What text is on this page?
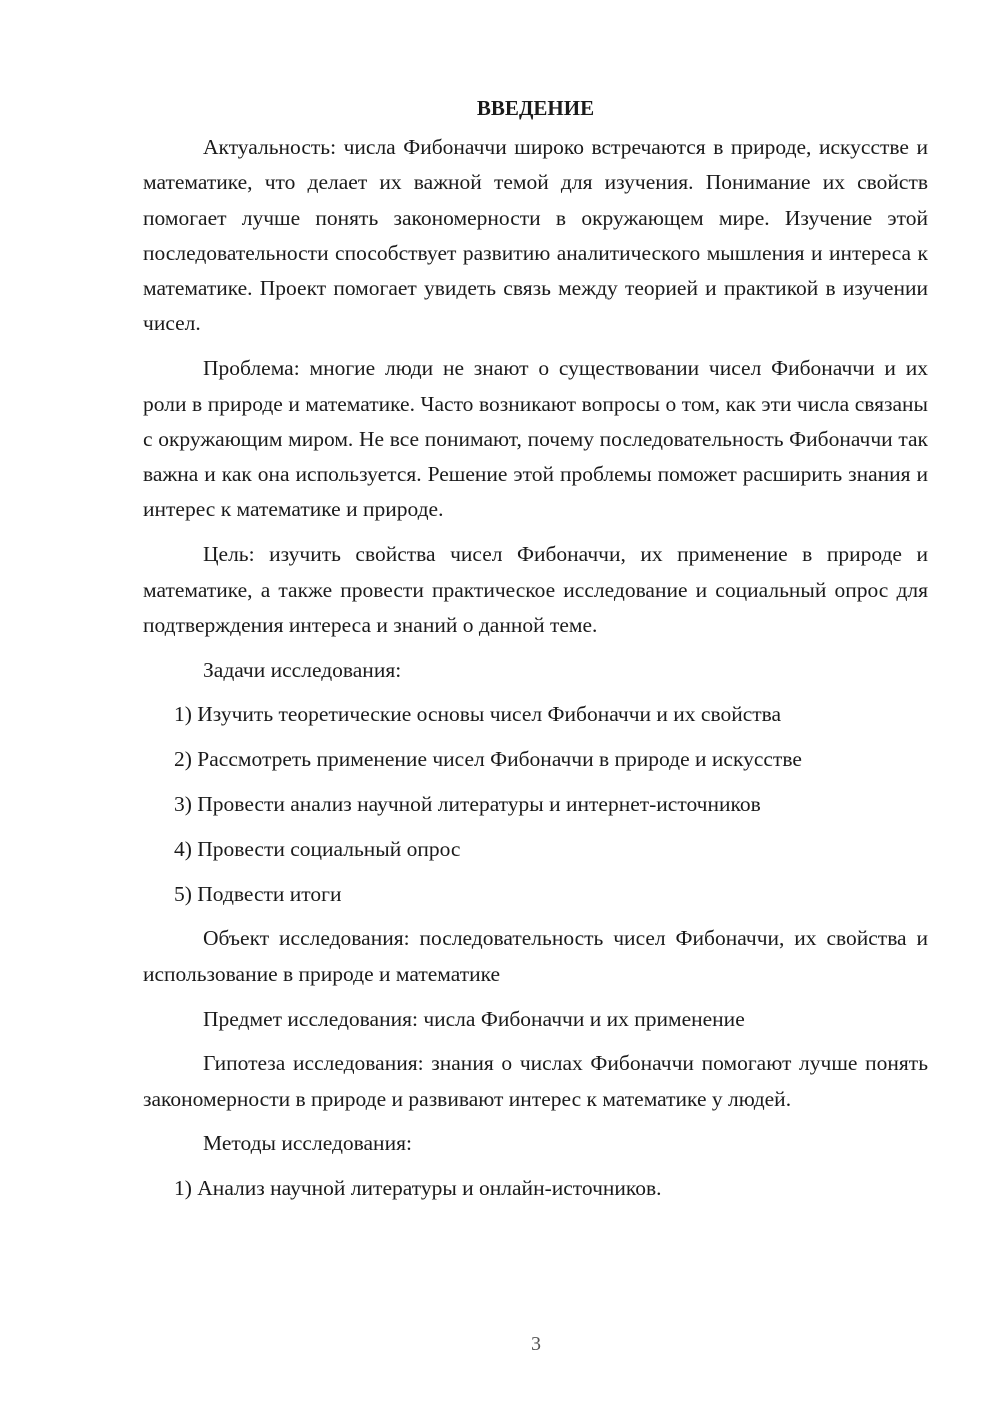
ВВЕДЕНИЕ

Актуальность: числа Фибоначчи широко встречаются в природе, искусстве и математике, что делает их важной темой для изучения. Понимание их свойств помогает лучше понять закономерности в окружающем мире. Изучение этой последовательности способствует развитию аналитического мышления и интереса к математике. Проект помогает увидеть связь между теорией и практикой в изучении чисел.

Проблема: многие люди не знают о существовании чисел Фибоначчи и их роли в природе и математике. Часто возникают вопросы о том, как эти числа связаны с окружающим миром. Не все понимают, почему последовательность Фибоначчи так важна и как она используется. Решение этой проблемы поможет расширить знания и интерес к математике и природе.

Цель: изучить свойства чисел Фибоначчи, их применение в природе и математике, а также провести практическое исследование и социальный опрос для подтверждения интереса и знаний о данной теме.

Задачи исследования:

1) Изучить теоретические основы чисел Фибоначчи и их свойства
2) Рассмотреть применение чисел Фибоначчи в природе и искусстве
3) Провести анализ научной литературы и интернет-источников
4) Провести социальный опрос
5) Подвести итоги

Объект исследования: последовательность чисел Фибоначчи, их свойства и использование в природе и математике

Предмет исследования: числа Фибоначчи и их применение

Гипотеза исследования: знания о числах Фибоначчи помогают лучше понять закономерности в природе и развивают интерес к математике у людей.

Методы исследования:

1) Анализ научной литературы и онлайн-источников.
3
